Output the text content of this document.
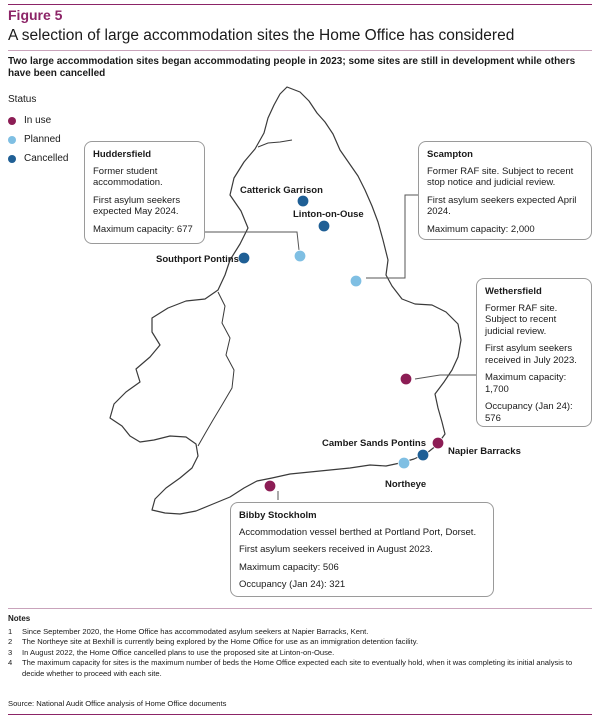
Figure 5
A selection of large accommodation sites the Home Office has considered
Two large accommodation sites began accommodating people in 2023; some sites are still in development while others have been cancelled
Status
In use
Planned
Cancelled
Catterick Garrison
Linton-on-Ouse
Southport Pontins
Camber Sands Pontins
Napier Barracks
Northeye
Huddersfield
Former student accommodation.
First asylum seekers expected May 2024.
Maximum capacity: 677
Scampton
Former RAF site. Subject to recent stop notice and judicial review.
First asylum seekers expected April 2024.
Maximum capacity: 2,000
Wethersfield
Former RAF site. Subject to recent judicial review.
First asylum seekers received in July 2023.
Maximum capacity: 1,700
Occupancy (Jan 24): 576
Bibby Stockholm
Accommodation vessel berthed at Portland Port, Dorset.
First asylum seekers received in August 2023.
Maximum capacity: 506
Occupancy (Jan 24): 321
Notes
1	Since September 2020, the Home Office has accommodated asylum seekers at Napier Barracks, Kent.
2	The Northeye site at Bexhill is currently being explored by the Home Office for use as an immigration detention facility.
3	In August 2022, the Home Office cancelled plans to use the proposed site at Linton-on-Ouse.
4	The maximum capacity for sites is the maximum number of beds the Home Office expected each site to eventually hold, when it was completing its initial analysis to decide whether to proceed with each site.
Source: National Audit Office analysis of Home Office documents
